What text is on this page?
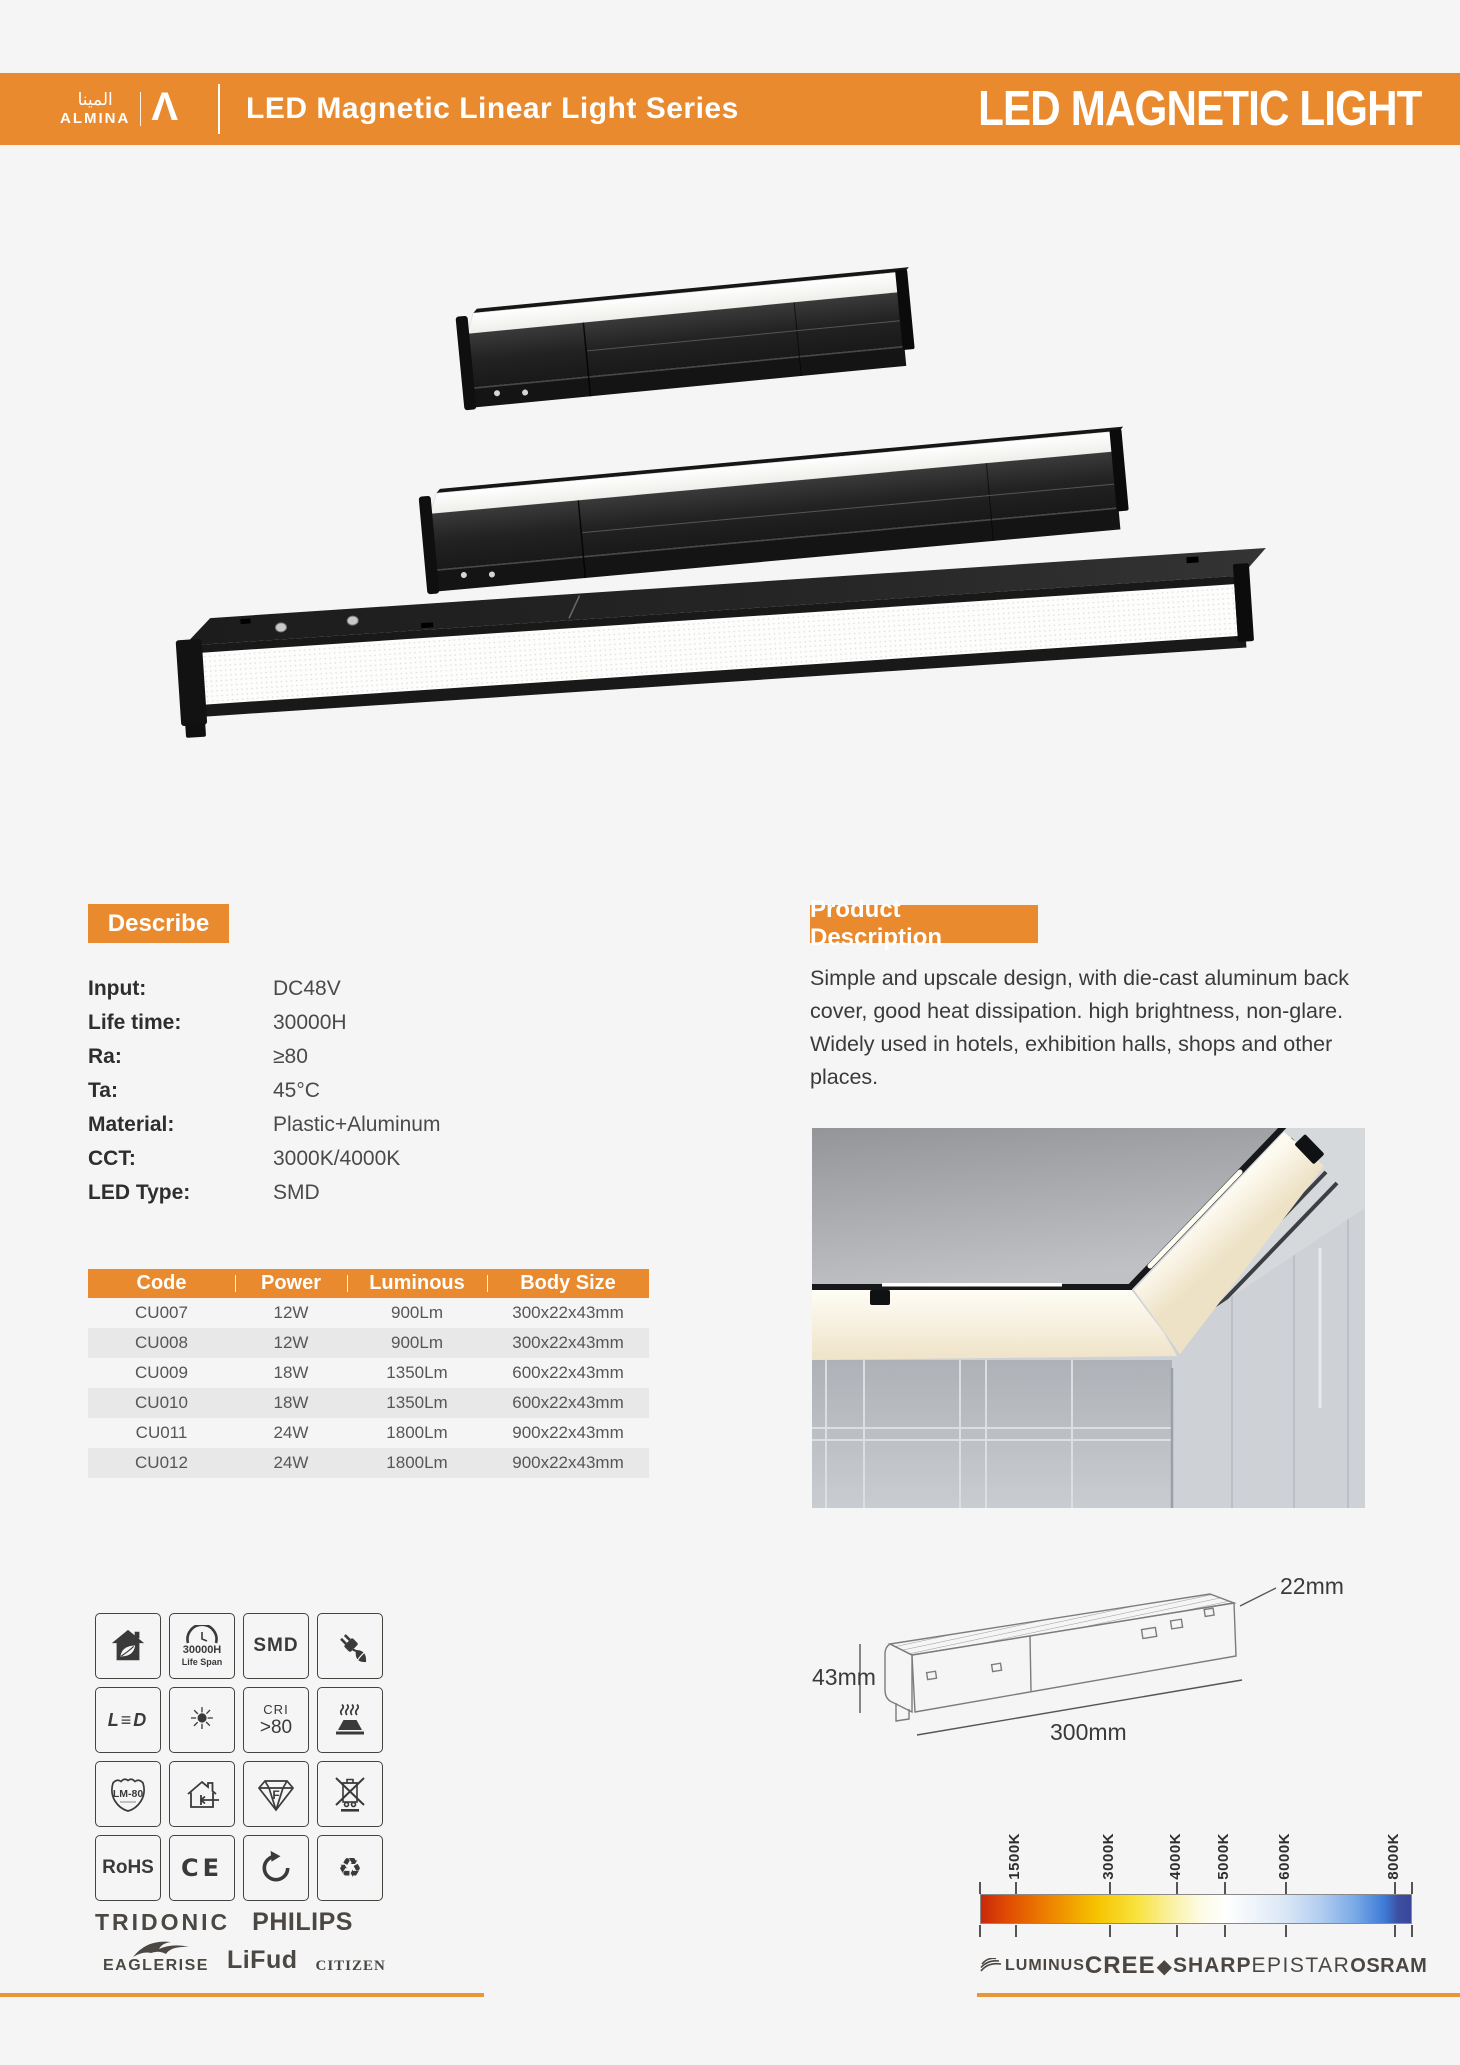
المينا
ALMINA Λ LED Magnetic Linear Light Series	LED MAGNETIC LIGHT
Describe
Input:	DC48V
Life time:	30000H
Ra:	≥80
Ta:	45°C
Material:	Plastic+Aluminum
CCT:	3000K/4000K
LED Type:	SMD
Code	Power	Luminous	Body Size
CU007	12W	900Lm	300x22x43mm
CU008	12W	900Lm	300x22x43mm
CU009	18W	1350Lm	600x22x43mm
CU010	18W	1350Lm	600x22x43mm
CU011	24W	1800Lm	900x22x43mm
CU012	24W	1800Lm	900x22x43mm
Product Description
Simple and upscale design, with die-cast aluminum back cover, good heat dissipation. high brightness, non-glare. Widely used in hotels, exhibition halls, shops and other places.
30000H
Life Span
SMD
L≡D ☀	CRI
>80
LM-80	F
RoHS CE	♻
TRIDONIC PHILIPS
EAGLERISE LiFud CITIZEN
43mm
300mm
22mm
1500K	3000K	4000K 5000K	6000K	8000K
LUMINUS CREE ◆ SHARP EPISTAR OSRAM
